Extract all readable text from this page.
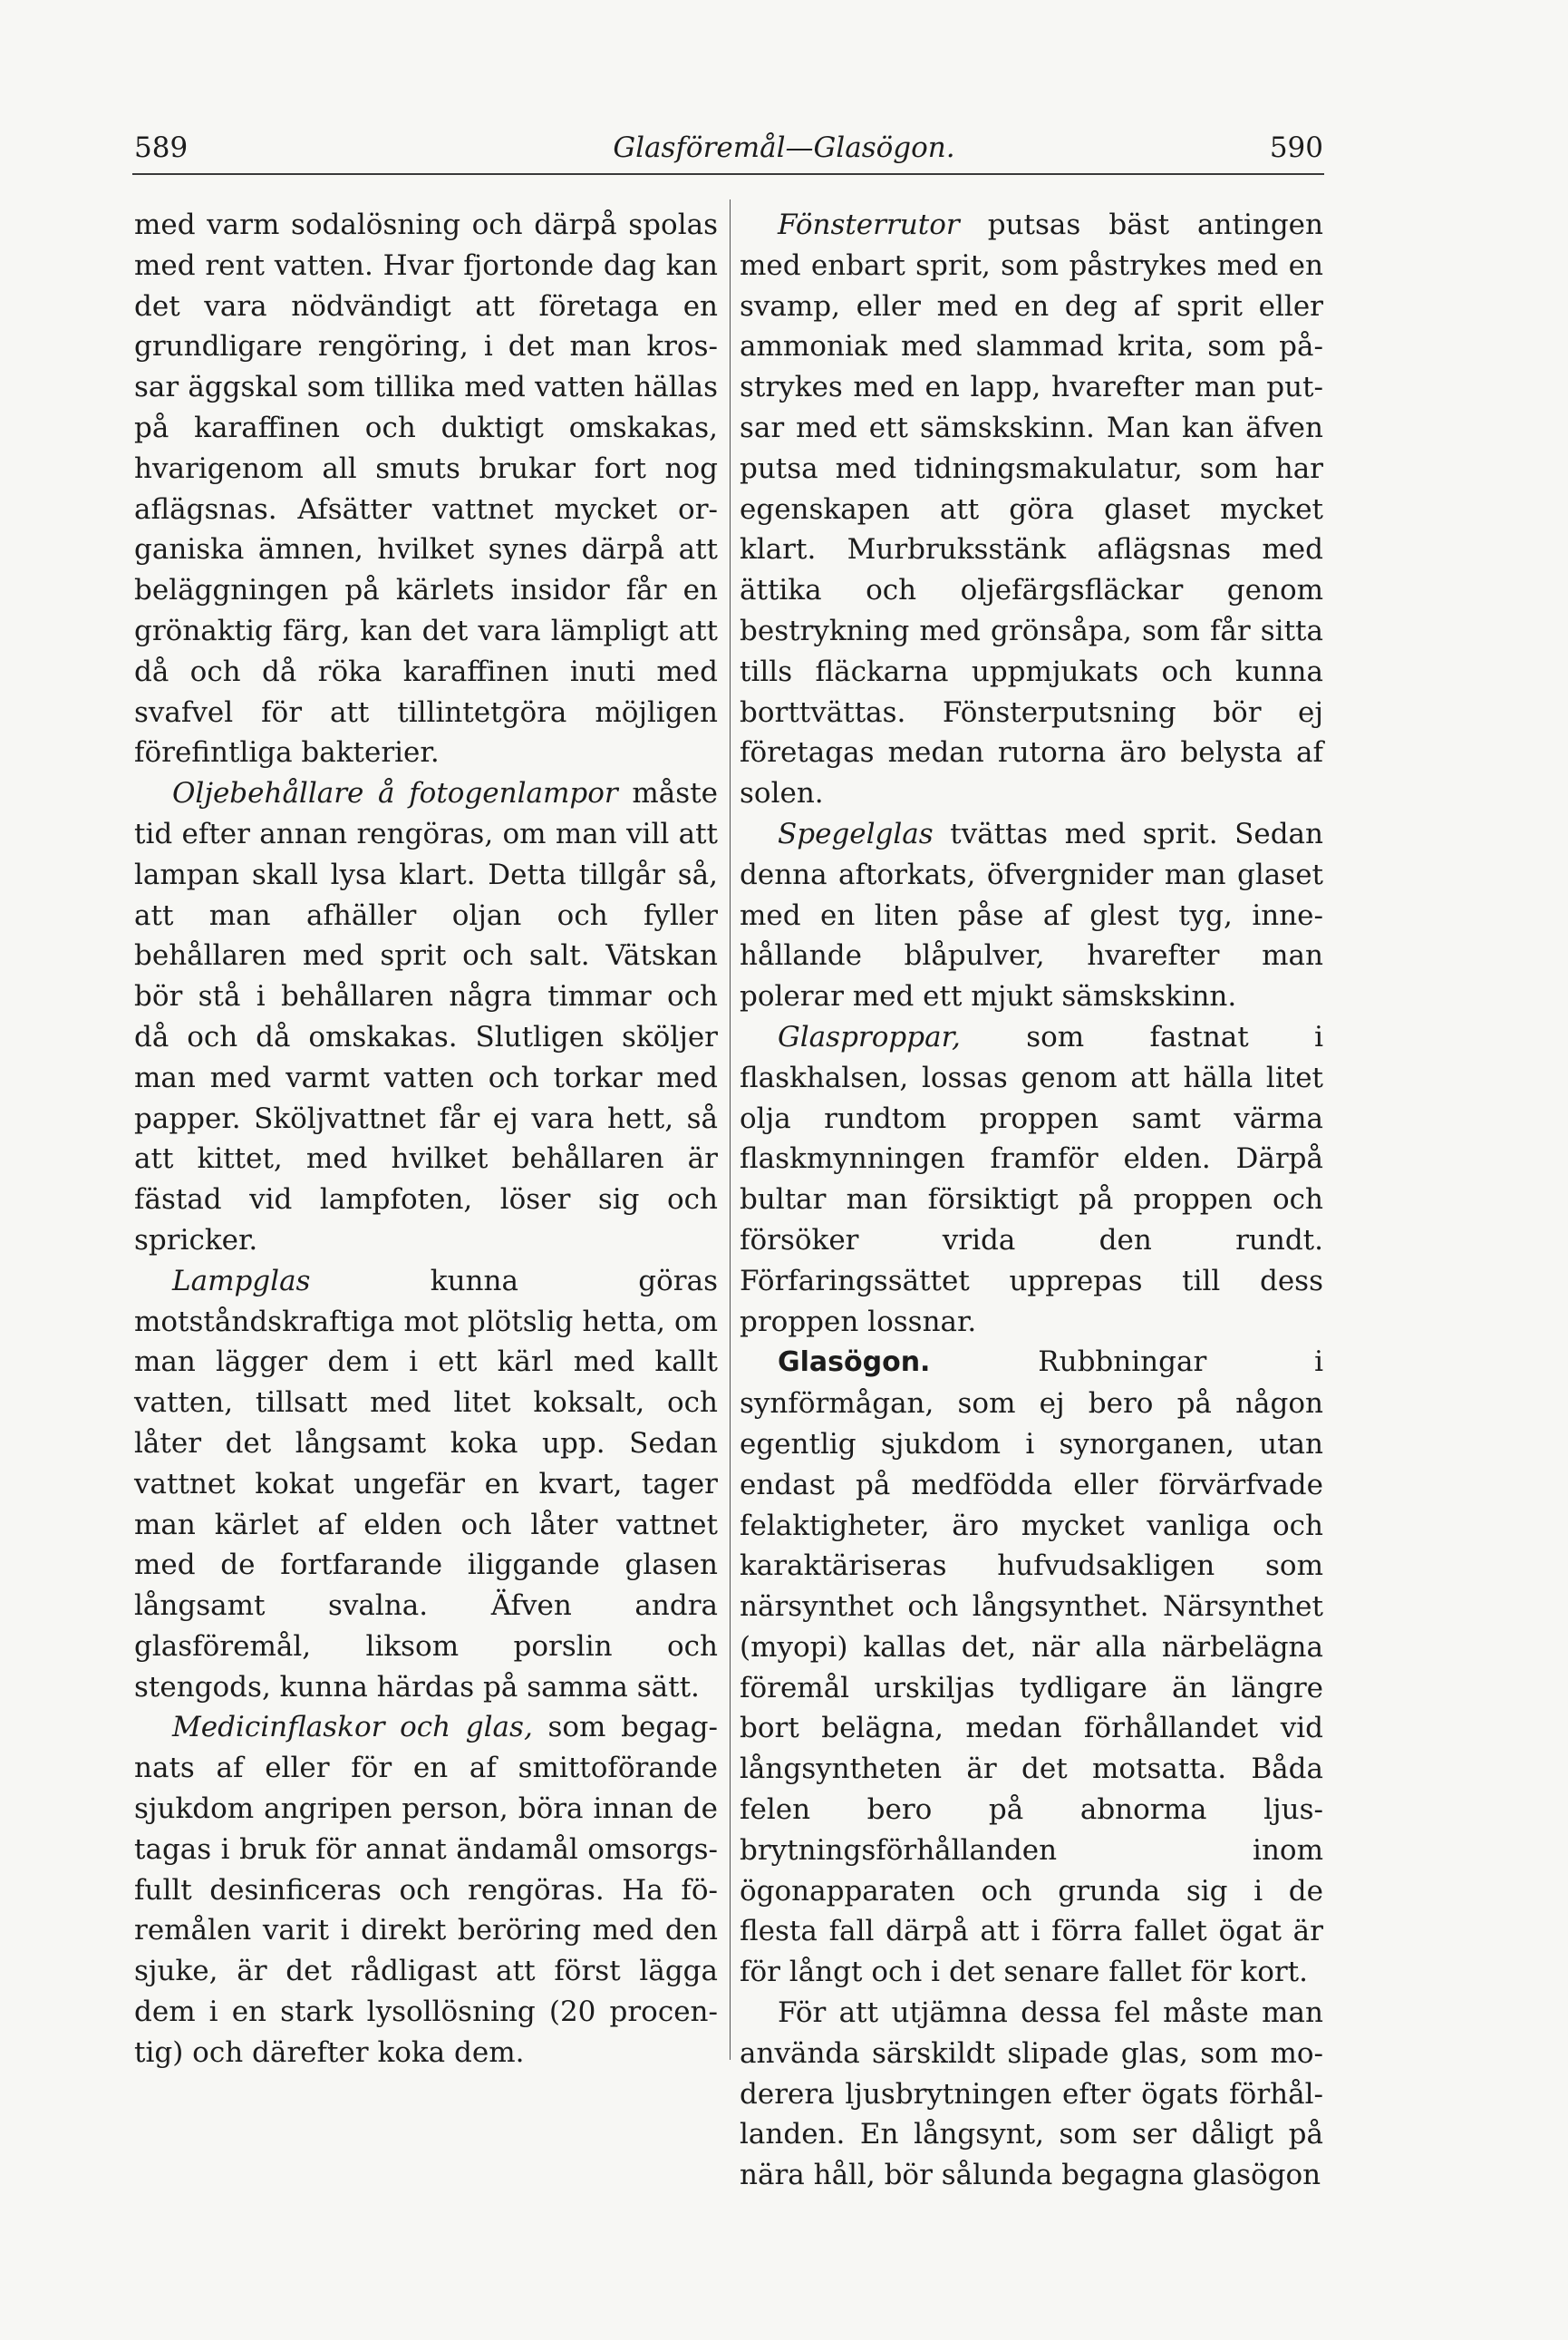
Glasföremål—Glasögon.
589	590

med varm sodalösning och därpå spolas med rent vatten. Hvar fjortonde dag kan det vara nödvändigt att företaga en grundligare rengöring, i det man krossar äggskal som tillika med vatten hällas på karaffinen och duktigt omskakas, hvarigenom all smuts brukar fort nog aflägsnas. Afsätter vattnet mycket organiska ämnen, hvilket synes därpå att beläggningen på kärlets insidor får en grönaktig färg, kan det vara lämpligt att då och då röka karaffinen inuti med svafvel för att tillintetgöra möjligen förefintliga bakterier.

Oljebehållare å fotogenlampor måste tid efter annan rengöras, om man vill att lampan skall lysa klart. Detta tillgår så, att man afhäller oljan och fyller behållaren med sprit och salt. Vätskan bör stå i behållaren några timmar och då och då omskakas. Slutligen sköljer man med varmt vatten och torkar med papper. Sköljvattnet får ej vara hett, så att kittet, med hvilket behållaren är fästad vid lampfoten, löser sig och spricker.

Lampglas kunna göras motståndskraftiga mot plötslig hetta, om man lägger dem i ett kärl med kallt vatten, tillsatt med litet koksalt, och låter det långsamt koka upp. Sedan vattnet kokat ungefär en kvart, tager man kärlet af elden och låter vattnet med de fortfarande iliggande glasen långsamt svalna. Äfven andra glasföremål, liksom porslin och stengods, kunna härdas på samma sätt.

Medicinflaskor och glas, som begagnats af eller för en af smittoförande sjukdom angripen person, böra innan de tagas i bruk för annat ändamål omsorgsfullt desinficeras och rengöras. Ha föremålen varit i direkt beröring med den sjuke, är det rådligast att först lägga dem i en stark lysollösning (20 procentig) och därefter koka dem.

Fönsterrutor putsas bäst antingen med enbart sprit, som påstrykes med en svamp, eller med en deg af sprit eller ammoniak med slammad krita, som påstrykes med en lapp, hvarefter man putsar med ett sämskskinn. Man kan äfven putsa med tidningsmakulatur, som har egenskapen att göra glaset mycket klart. Murbruksstänk aflägsnas med ättika och oljefärgsfläckar genom bestrykning med grönsåpa, som får sitta tills fläckarna uppmjukats och kunna borttvättas. Fönsterputsning bör ej företagas medan rutorna äro belysta af solen.

Spegelglas tvättas med sprit. Sedan denna aftorkats, öfvergnider man glaset med en liten påse af glest tyg, innehållande blåpulver, hvarefter man polerar med ett mjukt sämskskinn.

Glasproppar, som fastnat i flaskhalsen, lossas genom att hälla litet olja rundtom proppen samt värma flaskmynningen framför elden. Därpå bultar man försiktigt på proppen och försöker vrida den rundt. Förfaringssättet upprepas till dess proppen lossnar.

Glasögon. Rubbningar i synförmågan, som ej bero på någon egentlig sjukdom i synorganen, utan endast på medfödda eller förvärfvade felaktigheter, äro mycket vanliga och karaktäriseras hufvudsakligen som närsynthet och långsynthet. Närsynthet (myopi) kallas det, när alla närbelägna föremål urskiljas tydligare än längre bort belägna, medan förhållandet vid långsyntheten är det motsatta. Båda felen bero på abnorma ljusbrytningsförhållanden inom ögonapparaten och grunda sig i de flesta fall därpå att i förra fallet ögat är för långt och i det senare fallet för kort.

För att utjämna dessa fel måste man använda särskildt slipade glas, som moderera ljusbrytningen efter ögats förhållanden. En långsynt, som ser dåligt på nära håll, bör sålunda begagna glasögon
